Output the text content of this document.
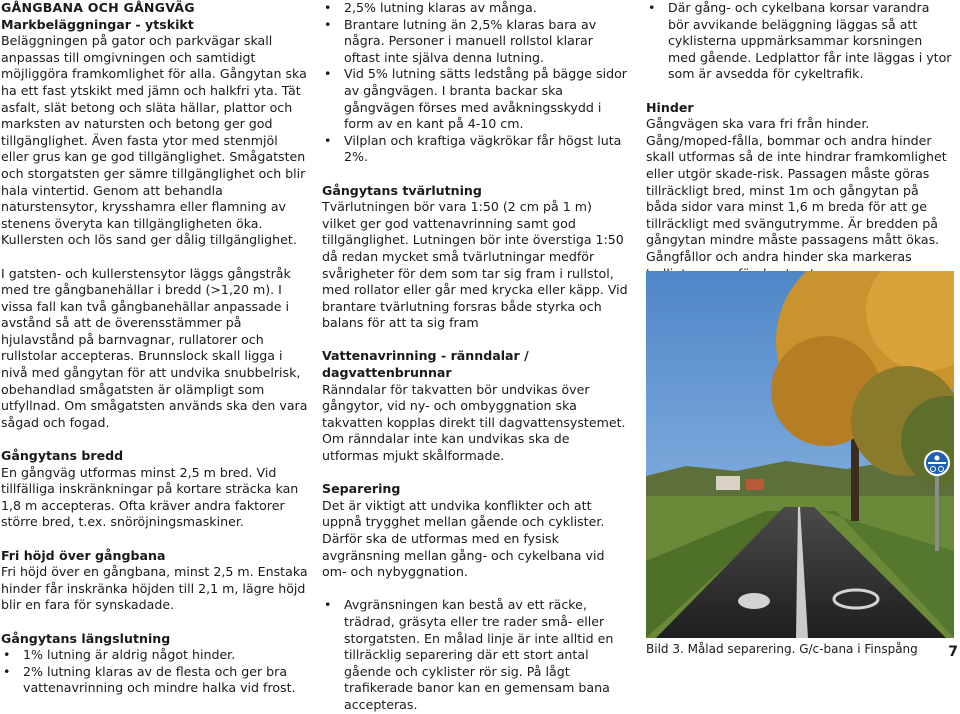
GÅNGBANA OCH GÅNGVÄG

Markbeläggningar - ytskikt

Beläggningen på gator och parkvägar skall anpassas till omgivningen och samtidigt möjliggöra framkomlighet för alla. Gångytan ska ha ett fast ytskikt med jämn och halkfri yta. Tät asfalt, slät betong och släta hällar, plattor och marksten av natursten och betong ger god tillgänglighet. Även fasta ytor med stenmjöl eller grus kan ge god tillgänglighet. Smågatsten och storgatsten ger sämre tillgänglighet och blir hala vintertid. Genom att behandla naturstensytor, krysshamra eller flamning av stenens överyta kan tillgängligheten öka. Kullersten och lös sand ger dålig tillgänglighet.

I gatsten- och kullerstensytor läggs gångstråk med tre gångbanehällar i bredd (>1,20 m). I vissa fall kan två gångbanehällar anpassade i avstånd så att de överensstämmer på hjulavstånd på barnvagnar, rullatorer och rullstolar accepteras. Brunnslock skall ligga i nivå med gångytan för att undvika snubbelrisk, obehandlad smågatsten är olämpligt som utfyllnad. Om smågatsten används ska den vara sågad och fogad.

Gångytans bredd

En gångväg utformas minst 2,5 m bred. Vid tillfälliga inskränkningar på kortare sträcka kan 1,8 m accepteras. Ofta kräver andra faktorer större bred, t.ex. snöröjningsmaskiner.

Fri höjd över gångbana

Fri höjd över en gångbana, minst 2,5 m. Enstaka hinder får inskränka höjden till 2,1 m, lägre höjd blir en fara för synskadade.

Gångytans längslutning

• 1% lutning är aldrig något hinder.
• 2% lutning klaras av de flesta och ger bra vattenavrinning och mindre halka vid frost.
• 2,5% lutning klaras av många.
• Brantare lutning än 2,5% klaras bara av några. Personer i manuell rollstol klarar oftast inte själva denna lutning.
• Vid 5% lutning sätts ledstång på bägge sidor av gångvägen. I branta backar ska gångvägen förses med avåkningsskydd i form av en kant på 4-10 cm.
• Vilplan och kraftiga vägkrökar får högst luta 2%.

Gångytans tvärlutning

Tvärlutningen bör vara 1:50 (2 cm på 1 m) vilket ger god vattenavrinning samt god tillgänglighet. Lutningen bör inte överstiga 1:50 då redan mycket små tvärlutningar medför svårigheter för dem som tar sig fram i rullstol, med rollator eller går med krycka eller käpp. Vid brantare tvärlutning forsras både styrka och balans för att ta sig fram

Vattenavrinning - ränndalar / dagvattenbrunnar

Ränndalar för takvatten bör undvikas över gångytor, vid ny- och ombyggnation ska takvatten kopplas direkt till dagvattensystemet. Om ränndalar inte kan undvikas ska de utformas mjukt skålformade.

Separering

Det är viktigt att undvika konflikter och att uppnå trygghet mellan gående och cyklister. Därför ska de utformas med en fysisk avgränsning mellan gång- och cykelbana vid om- och nybyggnation.

• Avgränsningen kan bestå av ett räcke, trädrad, gräsyta eller tre rader små- eller storgatsten. En målad linje är inte alltid en tillräcklig separering där ett stort antal gående och cyklister rör sig. På lågt trafikerade banor kan en gemensam bana accepteras.
• Där gång- och cykelbana korsar varandra bör avvikande beläggning läggas så att cyklisterna uppmärksammar korsningen med gående. Ledplattor får inte läggas i ytor som är avsedda för cykeltrafik.

Hinder

Gångvägen ska vara fri från hinder. Gång/moped-fålla, bommar och andra hinder skall utformas så de inte hindrar framkomlighet eller utgör skade-risk. Passagen måste göras tillräckligt bred, minst 1m och gångytan på båda sidor vara minst 1,6 m breda för att ge tillräckligt med svängutrymme. Är bredden på gångytan mindre måste passagens mått ökas. Gångfållor och andra hinder ska markeras

Bild 3. Målad separering. G/c-bana i Finspång 7
